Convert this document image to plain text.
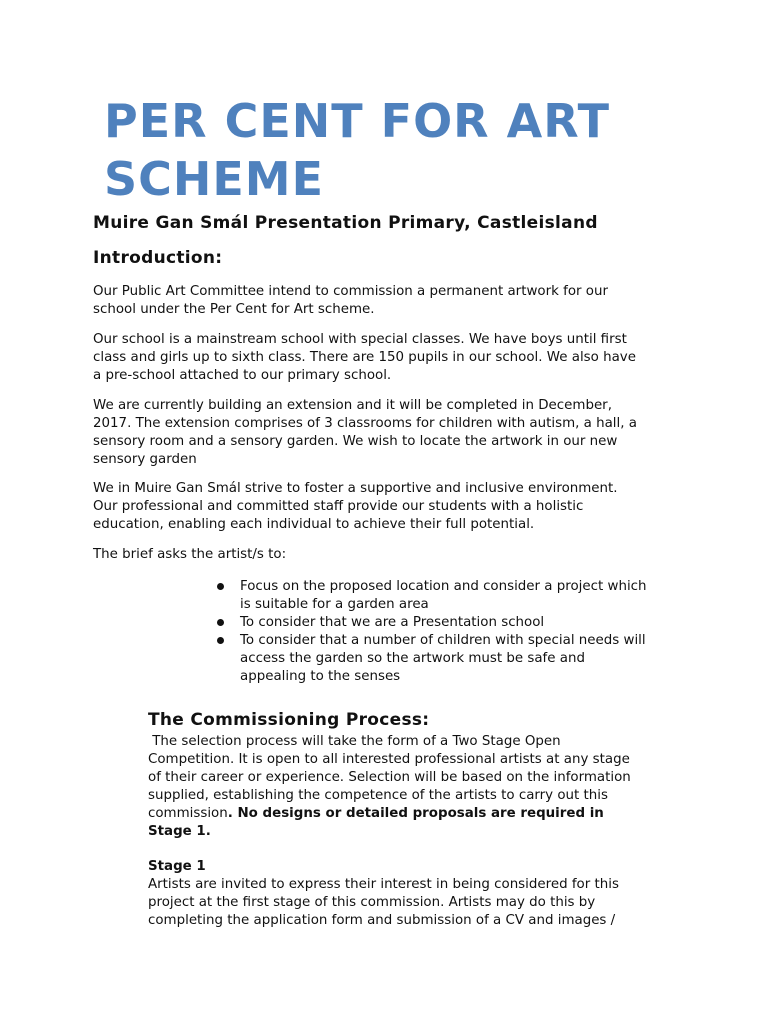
PER CENT FOR ART
SCHEME
Muire Gan Smál Presentation Primary, Castleisland
Introduction:

Our Public Art Committee intend to commission a permanent artwork for our
school under the Per Cent for Art scheme.

Our school is a mainstream school with special classes. We have boys until first
class and girls up to sixth class. There are 150 pupils in our school. We also have
a pre-school attached to our primary school.

We are currently building an extension and it will be completed in December,
2017. The extension comprises of 3 classrooms for children with autism, a hall, a
sensory room and a sensory garden. We wish to locate the artwork in our new
sensory garden

We in Muire Gan Smál strive to foster a supportive and inclusive environment.
Our professional and committed staff provide our students with a holistic
education, enabling each individual to achieve their full potential.

The brief asks the artist/s to:

Focus on the proposed location and consider a project which
is suitable for a garden area
To consider that we are a Presentation school
To consider that a number of children with special needs will
access the garden so the artwork must be safe and
appealing to the senses
The Commissioning Process:

The selection process will take the form of a Two Stage Open
Competition. It is open to all interested professional artists at any stage
of their career or experience. Selection will be based on the information
supplied, establishing the competence of the artists to carry out this
commission. No designs or detailed proposals are required in
Stage 1.

Stage 1

Artists are invited to express their interest in being considered for this
project at the first stage of this commission. Artists may do this by
completing the application form and submission of a CV and images /
